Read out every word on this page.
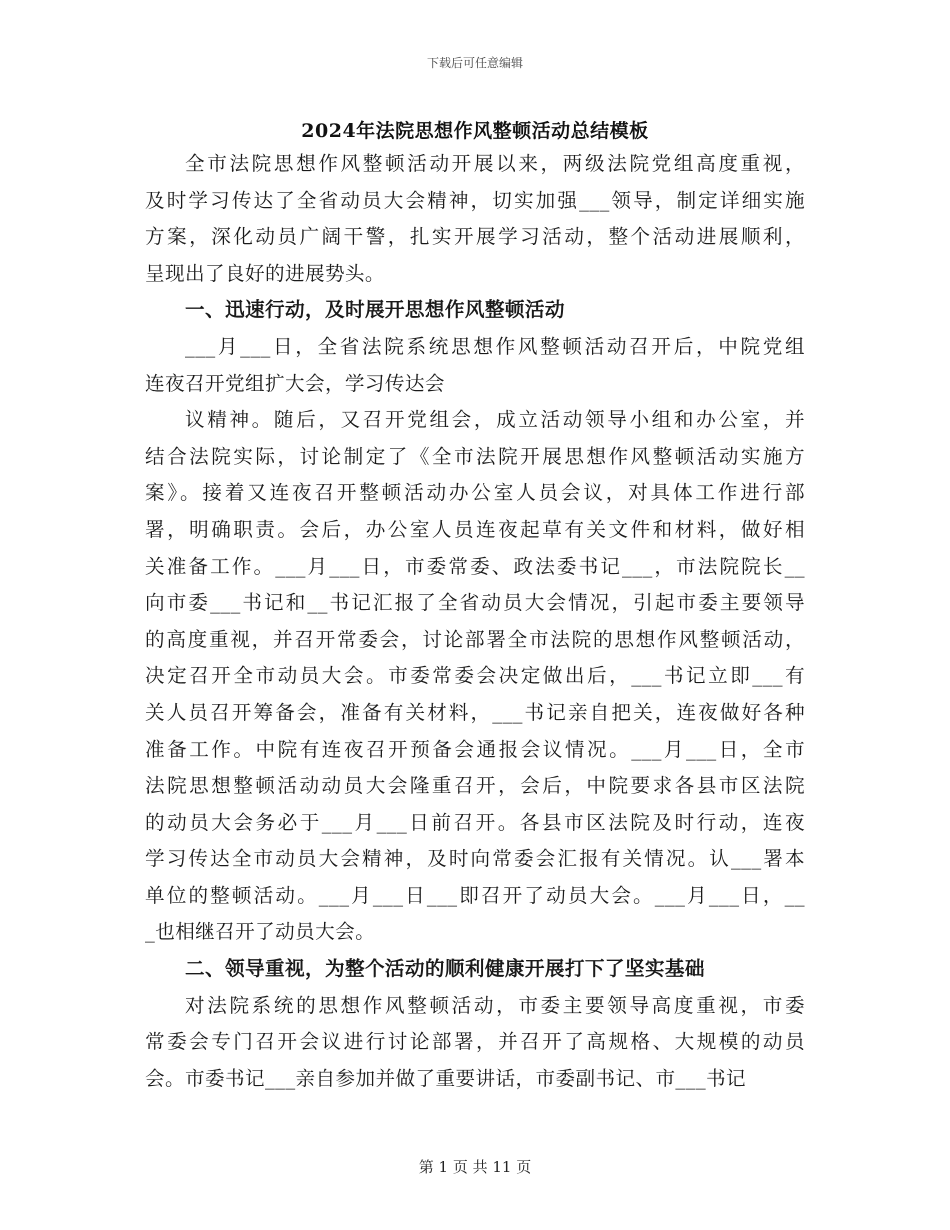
下载后可任意编辑
2024年法院思想作风整顿活动总结模板
全市法院思想作风整顿活动开展以来，两级法院党组高度重视，
及时学习传达了全省动员大会精神，切实加强___领导，制定详细实施
方案，深化动员广阔干警，扎实开展学习活动，整个活动进展顺利，
呈现出了良好的进展势头。
一、迅速行动，及时展开思想作风整顿活动
___月___日，全省法院系统思想作风整顿活动召开后，中院党组
连夜召开党组扩大会，学习传达会
议精神。随后，又召开党组会，成立活动领导小组和办公室，并
结合法院实际，讨论制定了《全市法院开展思想作风整顿活动实施方
案》。接着又连夜召开整顿活动办公室人员会议，对具体工作进行部
署，明确职责。会后，办公室人员连夜起草有关文件和材料，做好相
关准备工作。___月___日，市委常委、政法委书记___，市法院院长__
向市委___书记和__书记汇报了全省动员大会情况，引起市委主要领导
的高度重视，并召开常委会，讨论部署全市法院的思想作风整顿活动，
决定召开全市动员大会。市委常委会决定做出后，___书记立即___有
关人员召开筹备会，准备有关材料，___书记亲自把关，连夜做好各种
准备工作。中院有连夜召开预备会通报会议情况。___月___日，全市
法院思想整顿活动动员大会隆重召开，会后，中院要求各县市区法院
的动员大会务必于___月___日前召开。各县市区法院及时行动，连夜
学习传达全市动员大会精神，及时向常委会汇报有关情况。认___署本
单位的整顿活动。___月___日___即召开了动员大会。___月___日，__
_也相继召开了动员大会。
二、领导重视，为整个活动的顺利健康开展打下了坚实基础
对法院系统的思想作风整顿活动，市委主要领导高度重视，市委
常委会专门召开会议进行讨论部署，并召开了高规格、大规模的动员
会。市委书记___亲自参加并做了重要讲话，市委副书记、市___书记
第 1 页 共 11 页
